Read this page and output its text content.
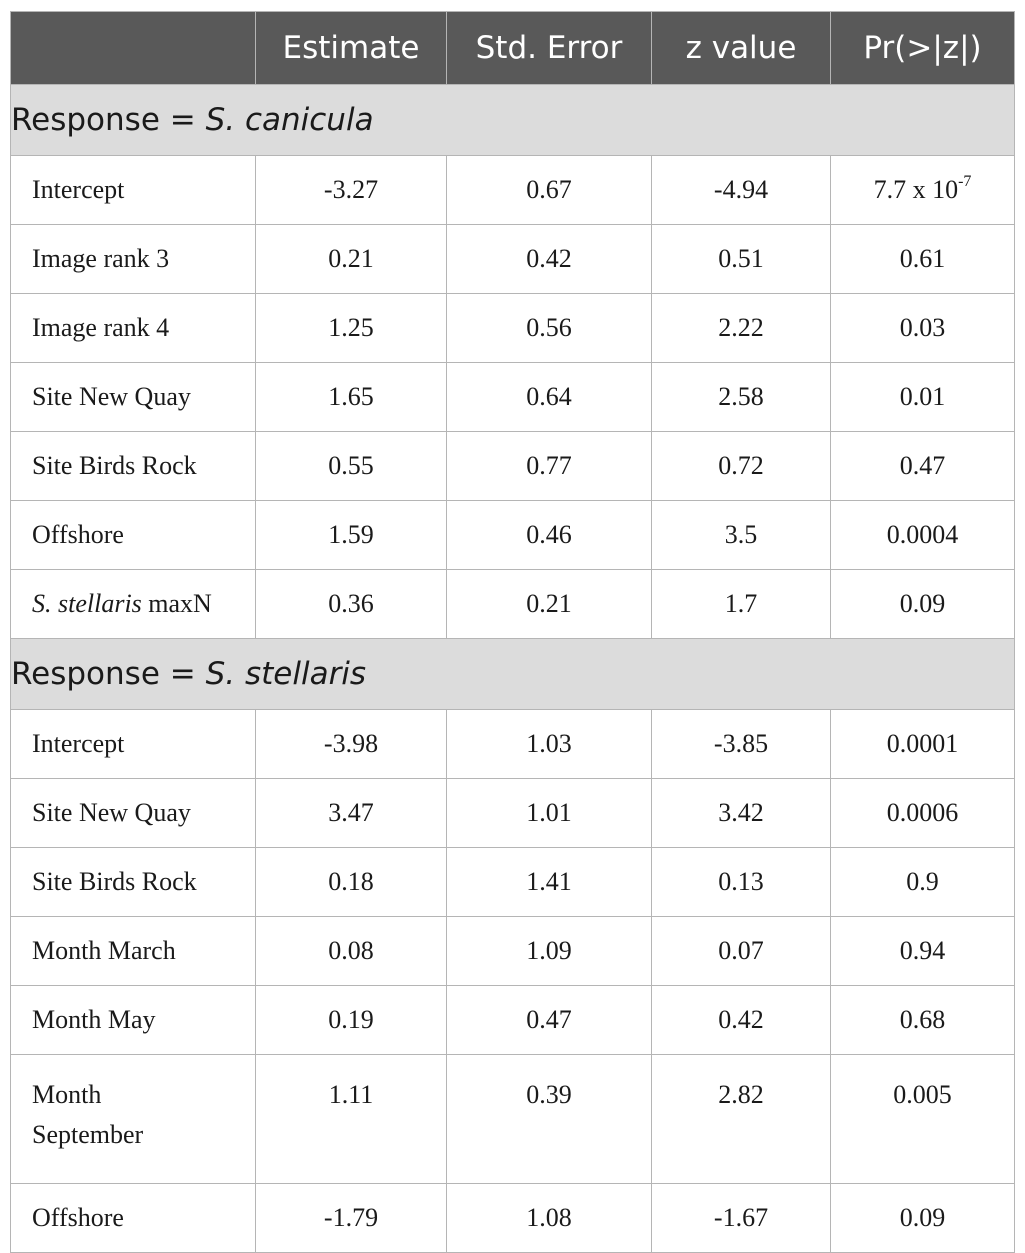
	Estimate	Std. Error	z value	Pr(>|z|)
Response = S. canicula				
Intercept	-3.27	0.67	-4.94	7.7 x $10^{-7}$
Image rank 3	0.21	0.42	0.51	0.61
Image rank 4	1.25	0.56	2.22	0.03
Site New Quay	1.65	0.64	2.58	0.01
Site Birds Rock	0.55	0.77	0.72	0.47
Offshore	1.59	0.46	3.5	0.0004
S. stellaris maxN	0.36	0.21	1.7	0.09
Response = S. stellaris				
Intercept	-3.98	1.03	-3.85	0.0001
Site New Quay	3.47	1.01	3.42	0.0006
Site Birds Rock	0.18	1.41	0.13	0.9
Month March	0.08	1.09	0.07	0.94
Month May	0.19	0.47	0.42	0.68
Month
September	1.11	0.39	2.82	0.005
Offshore	-1.79	1.08	-1.67	0.09
